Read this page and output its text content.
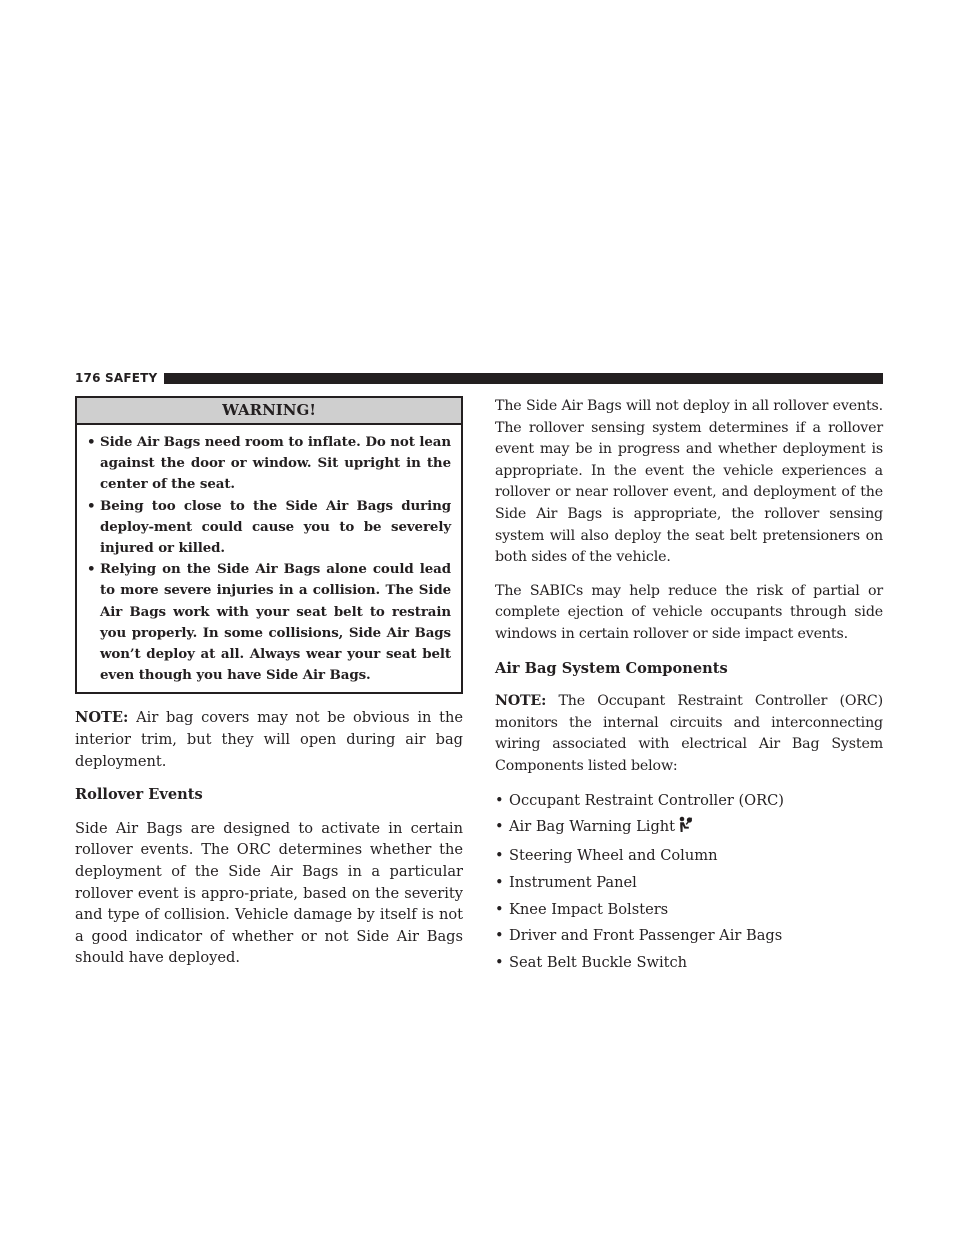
176 SAFETY
WARNING!
• Side Air Bags need room to inflate. Do not lean against the door or window. Sit upright in the center of the seat.
• Being too close to the Side Air Bags during deploy-ment could cause you to be severely injured or killed.
• Relying on the Side Air Bags alone could lead to more severe injuries in a collision. The Side Air Bags work with your seat belt to restrain you properly. In some collisions, Side Air Bags won’t deploy at all. Always wear your seat belt even though you have Side Air Bags.

NOTE: Air bag covers may not be obvious in the interior trim, but they will open during air bag deployment.

Rollover Events

Side Air Bags are designed to activate in certain rollover events. The ORC determines whether the deployment of the Side Air Bags in a particular rollover event is appro-priate, based on the severity and type of collision. Vehicle damage by itself is not a good indicator of whether or not Side Air Bags should have deployed.

The Side Air Bags will not deploy in all rollover events. The rollover sensing system determines if a rollover event may be in progress and whether deployment is appropriate. In the event the vehicle experiences a rollover or near rollover event, and deployment of the Side Air Bags is appropriate, the rollover sensing system will also deploy the seat belt pretensioners on both sides of the vehicle.

The SABICs may help reduce the risk of partial or complete ejection of vehicle occupants through side windows in certain rollover or side impact events.

Air Bag System Components

NOTE: The Occupant Restraint Controller (ORC) monitors the internal circuits and interconnecting wiring associated with electrical Air Bag System Components listed below:

• Occupant Restraint Controller (ORC)
• Air Bag Warning Light
• Steering Wheel and Column
• Instrument Panel
• Knee Impact Bolsters
• Driver and Front Passenger Air Bags
• Seat Belt Buckle Switch
